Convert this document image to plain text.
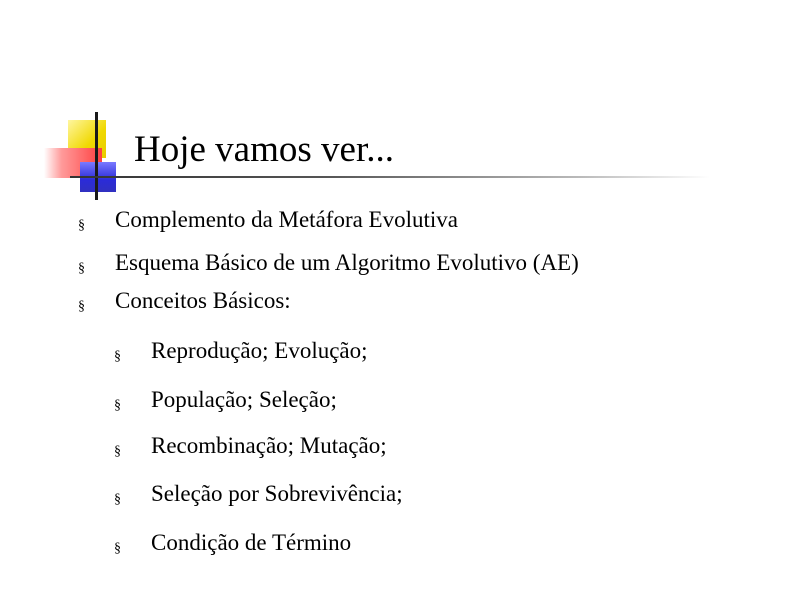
Hoje vamos ver...
§ Complemento da Metáfora Evolutiva
§ Esquema Básico de um Algoritmo Evolutivo (AE)
§ Conceitos Básicos:
§ Reprodução; Evolução;
§ População; Seleção;
§ Recombinação; Mutação;
§ Seleção por Sobrevivência;
§ Condição de Término
